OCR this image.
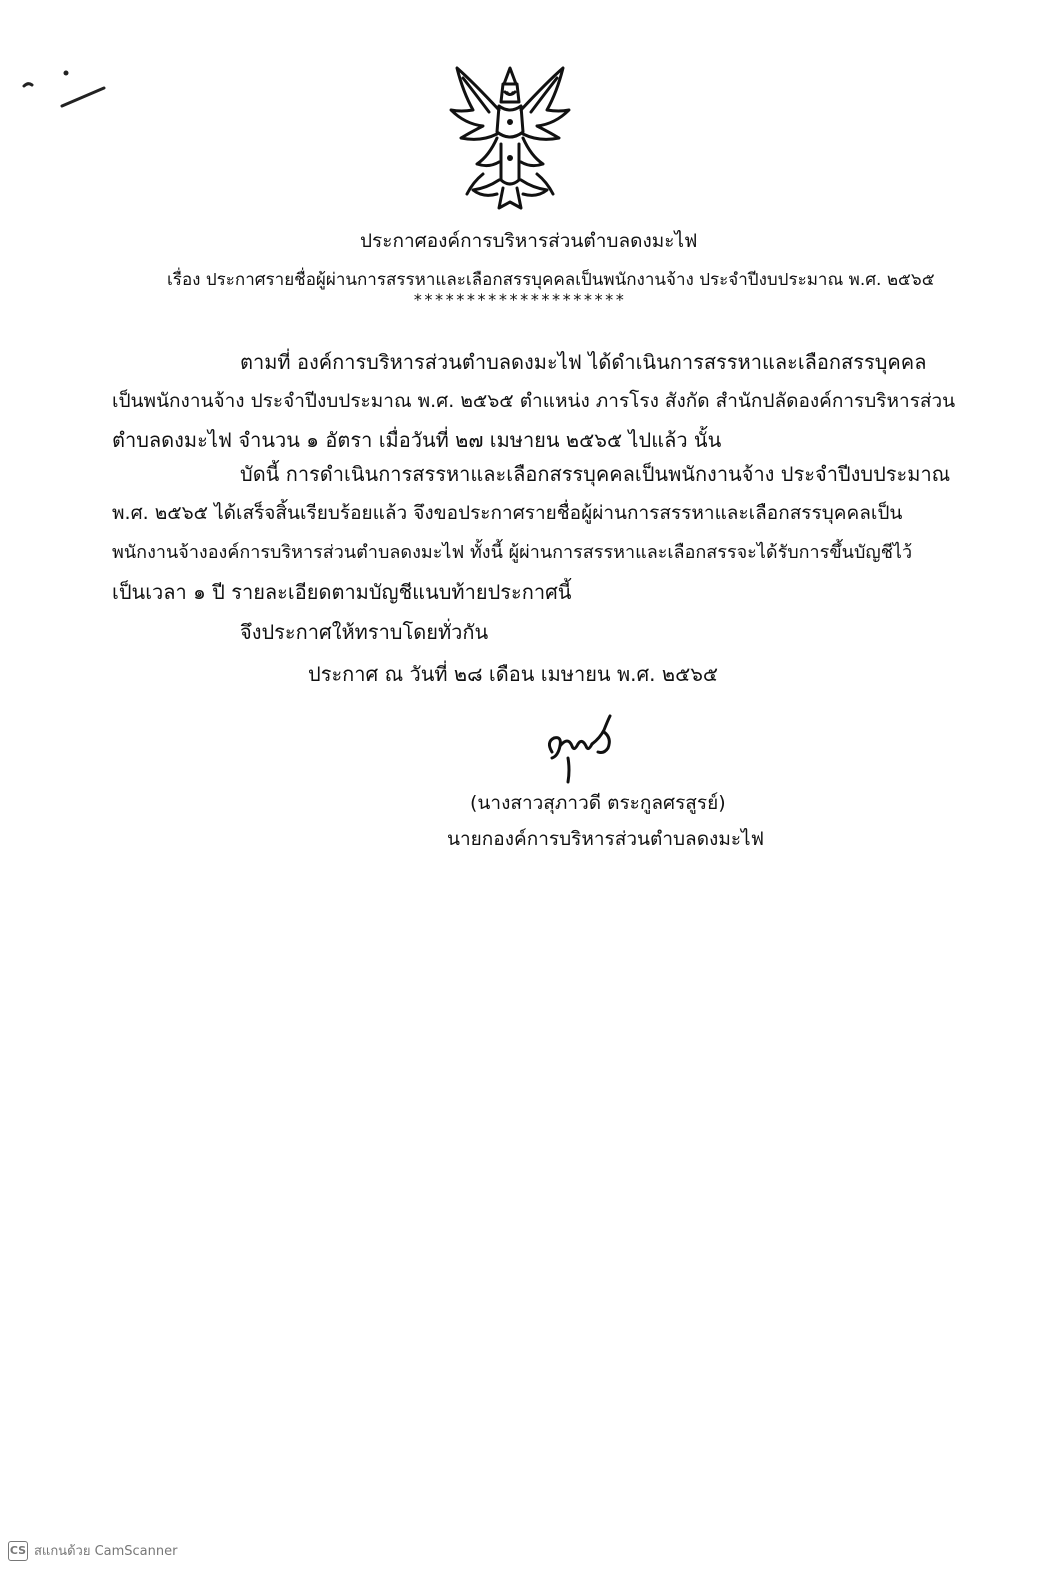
ประกาศองค์การบริหารส่วนตำบลดงมะไฟ
เรื่อง ประกาศรายชื่อผู้ผ่านการสรรหาและเลือกสรรบุคคลเป็นพนักงานจ้าง ประจำปีงบประมาณ พ.ศ. ๒๕๖๕
********************
ตามที่ องค์การบริหารส่วนตำบลดงมะไฟ ได้ดำเนินการสรรหาและเลือกสรรบุคคล
เป็นพนักงานจ้าง ประจำปีงบประมาณ พ.ศ. ๒๕๖๕ ตำแหน่ง ภารโรง สังกัด สำนักปลัดองค์การบริหารส่วน
ตำบลดงมะไฟ จำนวน ๑ อัตรา เมื่อวันที่ ๒๗ เมษายน ๒๕๖๕ ไปแล้ว นั้น
บัดนี้ การดำเนินการสรรหาและเลือกสรรบุคคลเป็นพนักงานจ้าง ประจำปีงบประมาณ
พ.ศ. ๒๕๖๕ ได้เสร็จสิ้นเรียบร้อยแล้ว จึงขอประกาศรายชื่อผู้ผ่านการสรรหาและเลือกสรรบุคคลเป็น
พนักงานจ้างองค์การบริหารส่วนตำบลดงมะไฟ ทั้งนี้ ผู้ผ่านการสรรหาและเลือกสรรจะได้รับการขึ้นบัญชีไว้
เป็นเวลา ๑ ปี รายละเอียดตามบัญชีแนบท้ายประกาศนี้
จึงประกาศให้ทราบโดยทั่วกัน
ประกาศ ณ วันที่ ๒๘ เดือน เมษายน พ.ศ. ๒๕๖๕
(นางสาวสุภาวดี ตระกูลศรสูรย์)
นายกองค์การบริหารส่วนตำบลดงมะไฟ
CS สแกนด้วย CamScanner
